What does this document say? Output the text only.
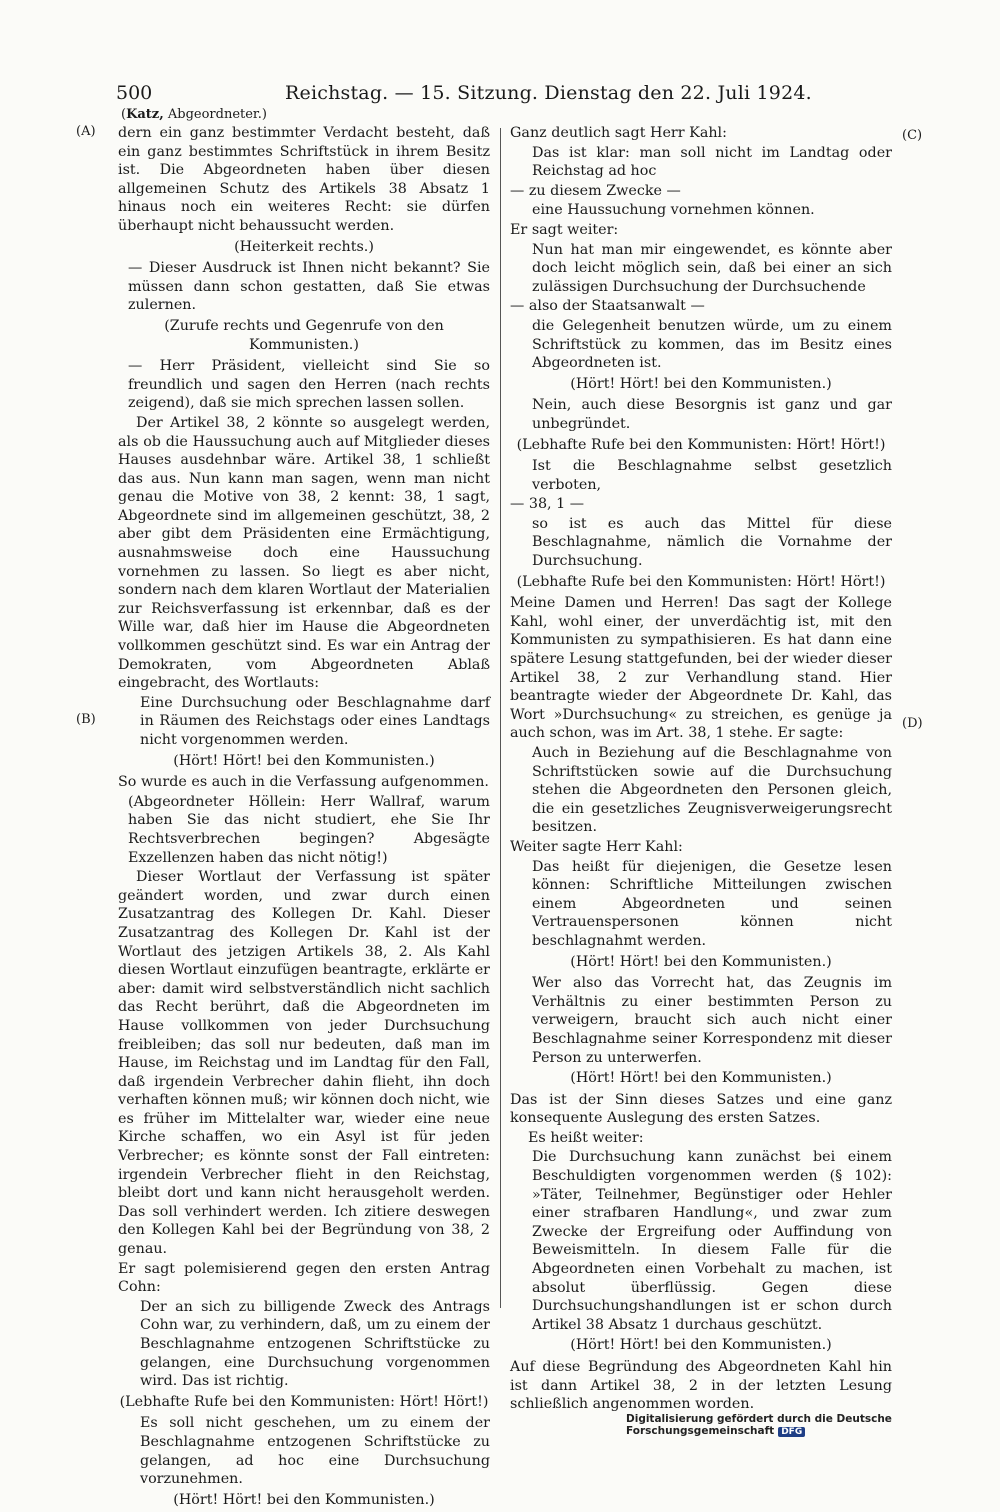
500	Reichstag. — 15. Sitzung. Dienstag den 22. Juli 1924.
(Katz, Abgeordneter.)
(A)
(B)
(C)
(D)

dern ein ganz bestimmter Verdacht besteht, daß ein ganz bestimmtes Schriftstück in ihrem Besitz ist. Die Abgeordneten haben über diesen allgemeinen Schutz des Artikels 38 Absatz 1 hinaus noch ein weiteres Recht: sie dürfen überhaupt nicht behaussucht werden.

(Heiterkeit rechts.)

— Dieser Ausdruck ist Ihnen nicht bekannt? Sie müssen dann schon gestatten, daß Sie etwas zulernen.

(Zurufe rechts und Gegenrufe von den Kommunisten.)

— Herr Präsident, vielleicht sind Sie so freundlich und sagen den Herren (nach rechts zeigend), daß sie mich sprechen lassen sollen.

Der Artikel 38, 2 könnte so ausgelegt werden, als ob die Haussuchung auch auf Mitglieder dieses Hauses ausdehnbar wäre. Artikel 38, 1 schließt das aus. Nun kann man sagen, wenn man nicht genau die Motive von 38, 2 kennt: 38, 1 sagt, Abgeordnete sind im allgemeinen geschützt, 38, 2 aber gibt dem Präsidenten eine Ermächtigung, ausnahmsweise doch eine Haussuchung vornehmen zu lassen. So liegt es aber nicht, sondern nach dem klaren Wortlaut der Materialien zur Reichsverfassung ist erkennbar, daß es der Wille war, daß hier im Hause die Abgeordneten vollkommen geschützt sind. Es war ein Antrag der Demokraten, vom Abgeordneten Ablaß eingebracht, des Wortlauts:

Eine Durchsuchung oder Beschlagnahme darf in Räumen des Reichstags oder eines Landtags nicht vorgenommen werden.

(Hört! Hört! bei den Kommunisten.)

So wurde es auch in die Verfassung aufgenommen.

(Abgeordneter Höllein: Herr Wallraf, warum haben Sie das nicht studiert, ehe Sie Ihr Rechtsverbrechen begingen? Abgesägte Exzellenzen haben das nicht nötig!)

Dieser Wortlaut der Verfassung ist später geändert worden, und zwar durch einen Zusatzantrag des Kollegen Dr. Kahl. Dieser Zusatzantrag des Kollegen Dr. Kahl ist der Wortlaut des jetzigen Artikels 38, 2. Als Kahl diesen Wortlaut einzufügen beantragte, erklärte er aber: damit wird selbstverständlich nicht sachlich das Recht berührt, daß die Abgeordneten im Hause vollkommen von jeder Durchsuchung freibleiben; das soll nur bedeuten, daß man im Hause, im Reichstag und im Landtag für den Fall, daß irgendein Verbrecher dahin flieht, ihn doch verhaften können muß; wir können doch nicht, wie es früher im Mittelalter war, wieder eine neue Kirche schaffen, wo ein Asyl ist für jeden Verbrecher; es könnte sonst der Fall eintreten: irgendein Verbrecher flieht in den Reichstag, bleibt dort und kann nicht herausgeholt werden. Das soll verhindert werden. Ich zitiere deswegen den Kollegen Kahl bei der Begründung von 38, 2 genau.

Er sagt polemisierend gegen den ersten Antrag Cohn:

Der an sich zu billigende Zweck des Antrags Cohn war, zu verhindern, daß, um zu einem der Beschlagnahme entzogenen Schriftstücke zu gelangen, eine Durchsuchung vorgenommen wird. Das ist richtig.

(Lebhafte Rufe bei den Kommunisten: Hört! Hört!)

Es soll nicht geschehen, um zu einem der Beschlagnahme entzogenen Schriftstücke zu gelangen, ad hoc eine Durchsuchung vorzunehmen.

(Hört! Hört! bei den Kommunisten.)

Ganz deutlich sagt Herr Kahl:

Das ist klar: man soll nicht im Landtag oder Reichstag ad hoc

— zu diesem Zwecke —

eine Haussuchung vornehmen können.

Er sagt weiter:

Nun hat man mir eingewendet, es könnte aber doch leicht möglich sein, daß bei einer an sich zulässigen Durchsuchung der Durchsuchende

— also der Staatsanwalt —

die Gelegenheit benutzen würde, um zu einem Schriftstück zu kommen, das im Besitz eines Abgeordneten ist.

(Hört! Hört! bei den Kommunisten.)

Nein, auch diese Besorgnis ist ganz und gar unbegründet.

(Lebhafte Rufe bei den Kommunisten: Hört! Hört!)

Ist die Beschlagnahme selbst gesetzlich verboten,

— 38, 1 —

so ist es auch das Mittel für diese Beschlagnahme, nämlich die Vornahme der Durchsuchung.

(Lebhafte Rufe bei den Kommunisten: Hört! Hört!)

Meine Damen und Herren! Das sagt der Kollege Kahl, wohl einer, der unverdächtig ist, mit den Kommunisten zu sympathisieren. Es hat dann eine spätere Lesung stattgefunden, bei der wieder dieser Artikel 38, 2 zur Verhandlung stand. Hier beantragte wieder der Abgeordnete Dr. Kahl, das Wort »Durchsuchung« zu streichen, es genüge ja auch schon, was im Art. 38, 1 stehe. Er sagte:

Auch in Beziehung auf die Beschlagnahme von Schriftstücken sowie auf die Durchsuchung stehen die Abgeordneten den Personen gleich, die ein gesetzliches Zeugnisverweigerungsrecht besitzen.

Weiter sagte Herr Kahl:

Das heißt für diejenigen, die Gesetze lesen können: Schriftliche Mitteilungen zwischen einem Abgeordneten und seinen Vertrauenspersonen können nicht beschlagnahmt werden.

(Hört! Hört! bei den Kommunisten.)

Wer also das Vorrecht hat, das Zeugnis im Verhältnis zu einer bestimmten Person zu verweigern, braucht sich auch nicht einer Beschlagnahme seiner Korrespondenz mit dieser Person zu unterwerfen.

(Hört! Hört! bei den Kommunisten.)

Das ist der Sinn dieses Satzes und eine ganz konsequente Auslegung des ersten Satzes.

Es heißt weiter:

Die Durchsuchung kann zunächst bei einem Beschuldigten vorgenommen werden (§ 102): »Täter, Teilnehmer, Begünstiger oder Hehler einer strafbaren Handlung«, und zwar zum Zwecke der Ergreifung oder Auffindung von Beweismitteln. In diesem Falle für die Abgeordneten einen Vorbehalt zu machen, ist absolut überflüssig. Gegen diese Durchsuchungshandlungen ist er schon durch Artikel 38 Absatz 1 durchaus geschützt.

(Hört! Hört! bei den Kommunisten.)

Auf diese Begründung des Abgeordneten Kahl hin ist dann Artikel 38, 2 in der letzten Lesung schließlich angenommen worden.

Digitalisierung gefördert durch die Deutsche Forschungsgemeinschaft DFG
